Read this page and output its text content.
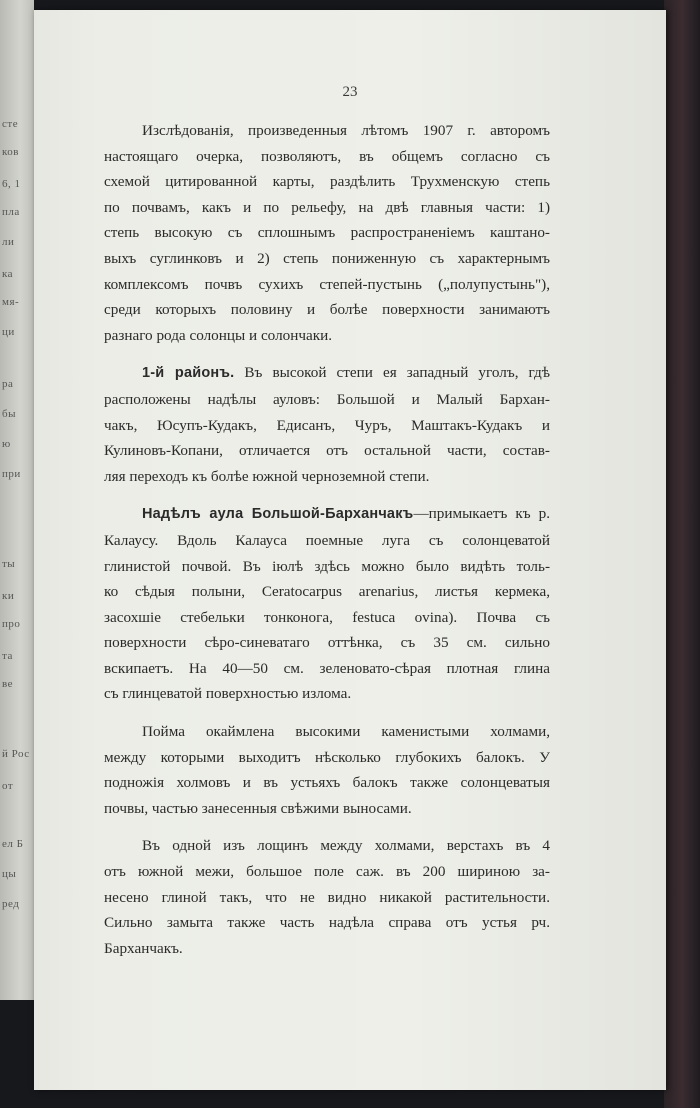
сте
ков
6, 1
пла
ли
ка
мя-
ци
ра
бы
ю
при
ты
ки
про
та
ве
й Рос
от
ел Б
цы
ред
23
Изслѣдованія, произведенныя лѣтомъ 1907 г. авторомъ
настоящаго очерка, позволяютъ, въ общемъ согласно съ
схемой цитированной карты, раздѣлить Трухменскую степь
по почвамъ, какъ и по рельефу, на двѣ главныя части: 1)
степь высокую съ сплошнымъ распространеніемъ каштано-
выхъ суглинковъ и 2) степь пониженную съ характернымъ
комплексомъ почвъ сухихъ степей-пустынь („полупустынь"),
среди которыхъ половину и болѣе поверхности занимаютъ
разнаго рода солонцы и солончаки.
1-й районъ. Въ высокой степи ея западный уголъ, гдѣ
расположены надѣлы ауловъ: Большой и Малый Бархан-
чакъ, Юсупъ-Кудакъ, Едисанъ, Чуръ, Маштакъ-Кудакъ и
Кулиновъ-Копани, отличается отъ остальной части, состав-
ляя переходъ къ болѣе южной черноземной степи.
Надѣлъ аула Большой-Барханчакъ—примыкаетъ къ р.
Калаусу. Вдоль Калауса поемные луга съ солонцеватой
глинистой почвой. Въ іюлѣ здѣсь можно было видѣть толь-
ко сѣдыя полыни, Ceratocarpus arenarius, листья кермека,
засохшіе стебельки тонконога, festuca ovina). Почва съ
поверхности сѣро-синеватаго оттѣнка, съ 35 см. сильно
вскипаетъ. На 40—50 см. зеленовато-сѣрая плотная глина
съ глинцеватой поверхностью излома.
Пойма окаймлена высокими каменистыми холмами,
между которыми выходитъ нѣсколько глубокихъ балокъ. У
подножія холмовъ и въ устьяхъ балокъ также солонцеватыя
почвы, частью занесенныя свѣжими выносами.
Въ одной изъ лощинъ между холмами, верстахъ въ 4
отъ южной межи, большое поле саж. въ 200 шириною за-
несено глиной такъ, что не видно никакой растительности.
Сильно замыта также часть надѣла справа отъ устья рч.
Барханчакъ.
